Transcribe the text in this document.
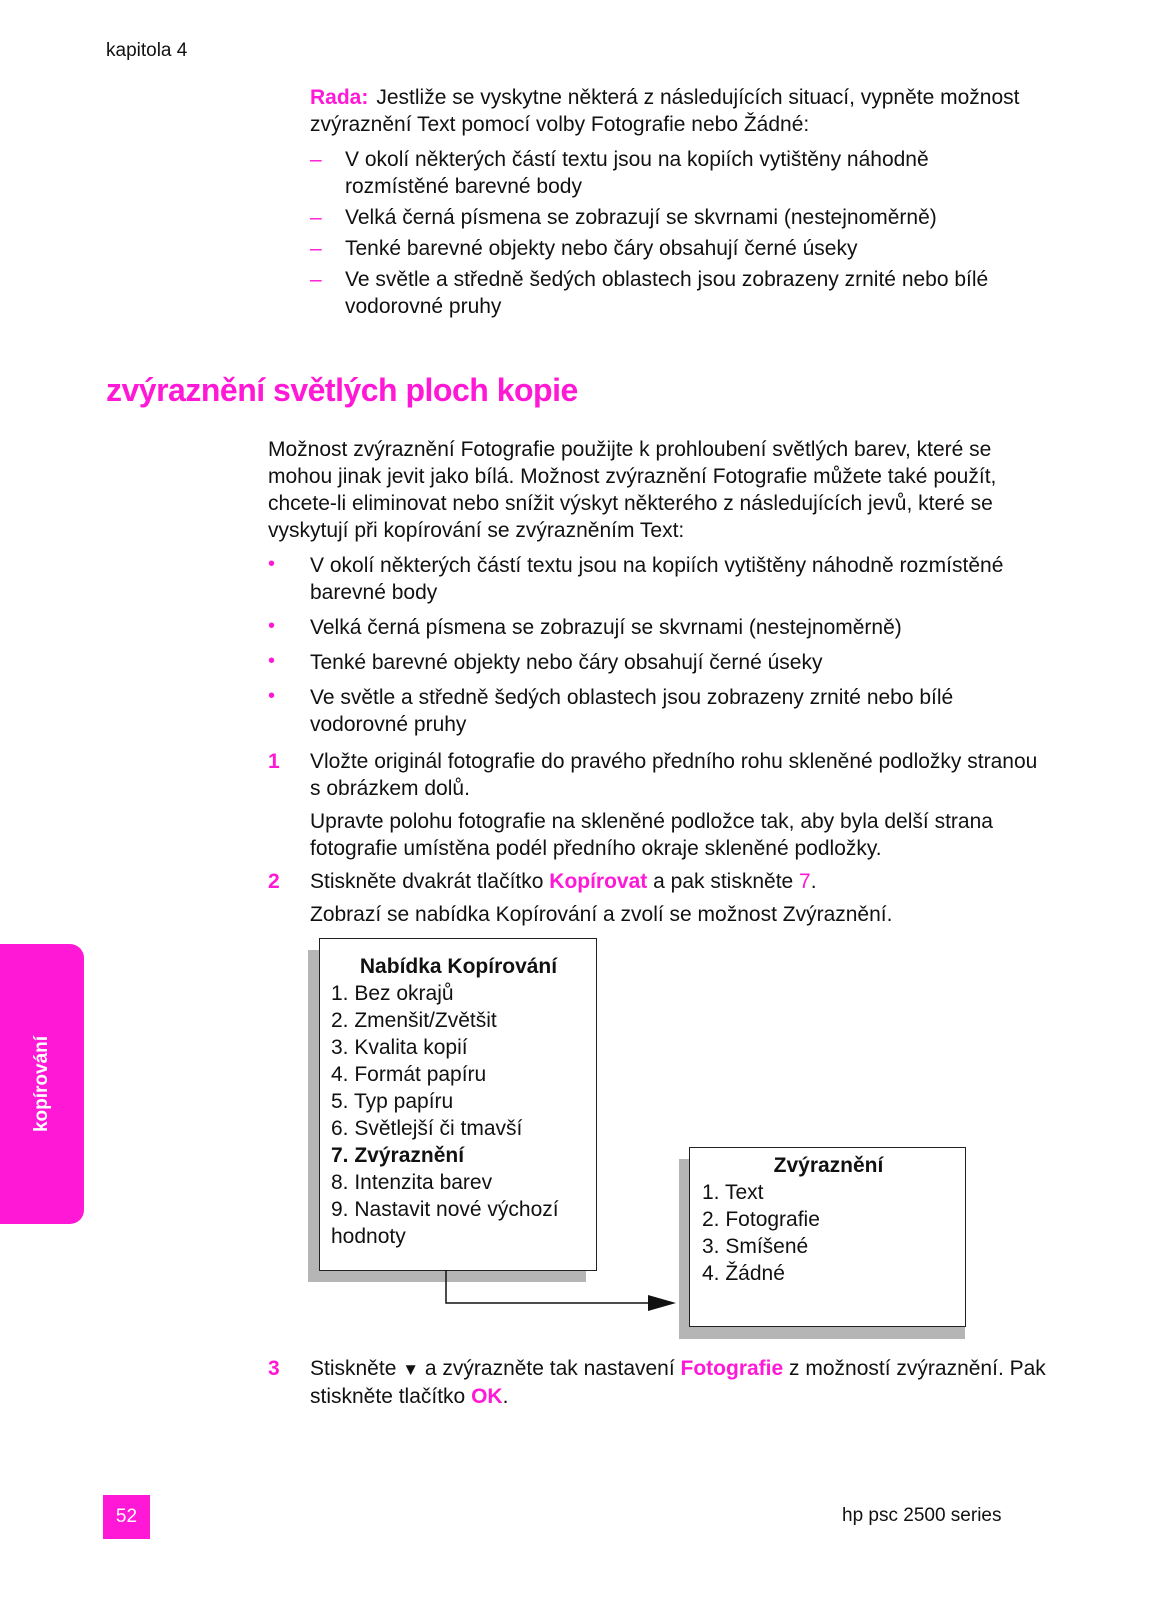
kapitola 4
Rada: Jestliže se vyskytne některá z následujících situací, vypněte možnost zvýraznění Text pomocí volby Fotografie nebo Žádné:
– V okolí některých částí textu jsou na kopiích vytištěny náhodně rozmístěné barevné body
– Velká černá písmena se zobrazují se skvrnami (nestejnoměrně)
– Tenké barevné objekty nebo čáry obsahují černé úseky
– Ve světle a středně šedých oblastech jsou zobrazeny zrnité nebo bílé vodorovné pruhy
zvýraznění světlých ploch kopie

Možnost zvýraznění Fotografie použijte k prohloubení světlých barev, které se mohou jinak jevit jako bílá. Možnost zvýraznění Fotografie můžete také použít, chcete-li eliminovat nebo snížit výskyt některého z následujících jevů, které se vyskytují při kopírování se zvýrazněním Text:

• V okolí některých částí textu jsou na kopiích vytištěny náhodně rozmístěné barevné body
• Velká černá písmena se zobrazují se skvrnami (nestejnoměrně)
• Tenké barevné objekty nebo čáry obsahují černé úseky
• Ve světle a středně šedých oblastech jsou zobrazeny zrnité nebo bílé vodorovné pruhy
1 Vložte originál fotografie do pravého předního rohu skleněné podložky stranou s obrázkem dolů.

Upravte polohu fotografie na skleněné podložce tak, aby byla delší strana fotografie umístěna podél předního okraje skleněné podložky.

2 Stiskněte dvakrát tlačítko Kopírovat a pak stiskněte 7.

Zobrazí se nabídka Kopírování a zvolí se možnost Zvýraznění.

Nabídka Kopírování
1. Bez okrajů
2. Zmenšit/Zvětšit
3. Kvalita kopií
4. Formát papíru
5. Typ papíru
6. Světlejší či tmavší
7. Zvýraznění
8. Intenzita barev
9. Nastavit nové výchozí hodnoty
Zvýraznění
1. Text
2. Fotografie
3. Smíšené
4. Žádné
3	Stiskněte ▼ a zvýrazněte tak nastavení Fotografie z možností zvýraznění. Pak stiskněte tlačítko OK.
kopírování
52	hp psc 2500 series
